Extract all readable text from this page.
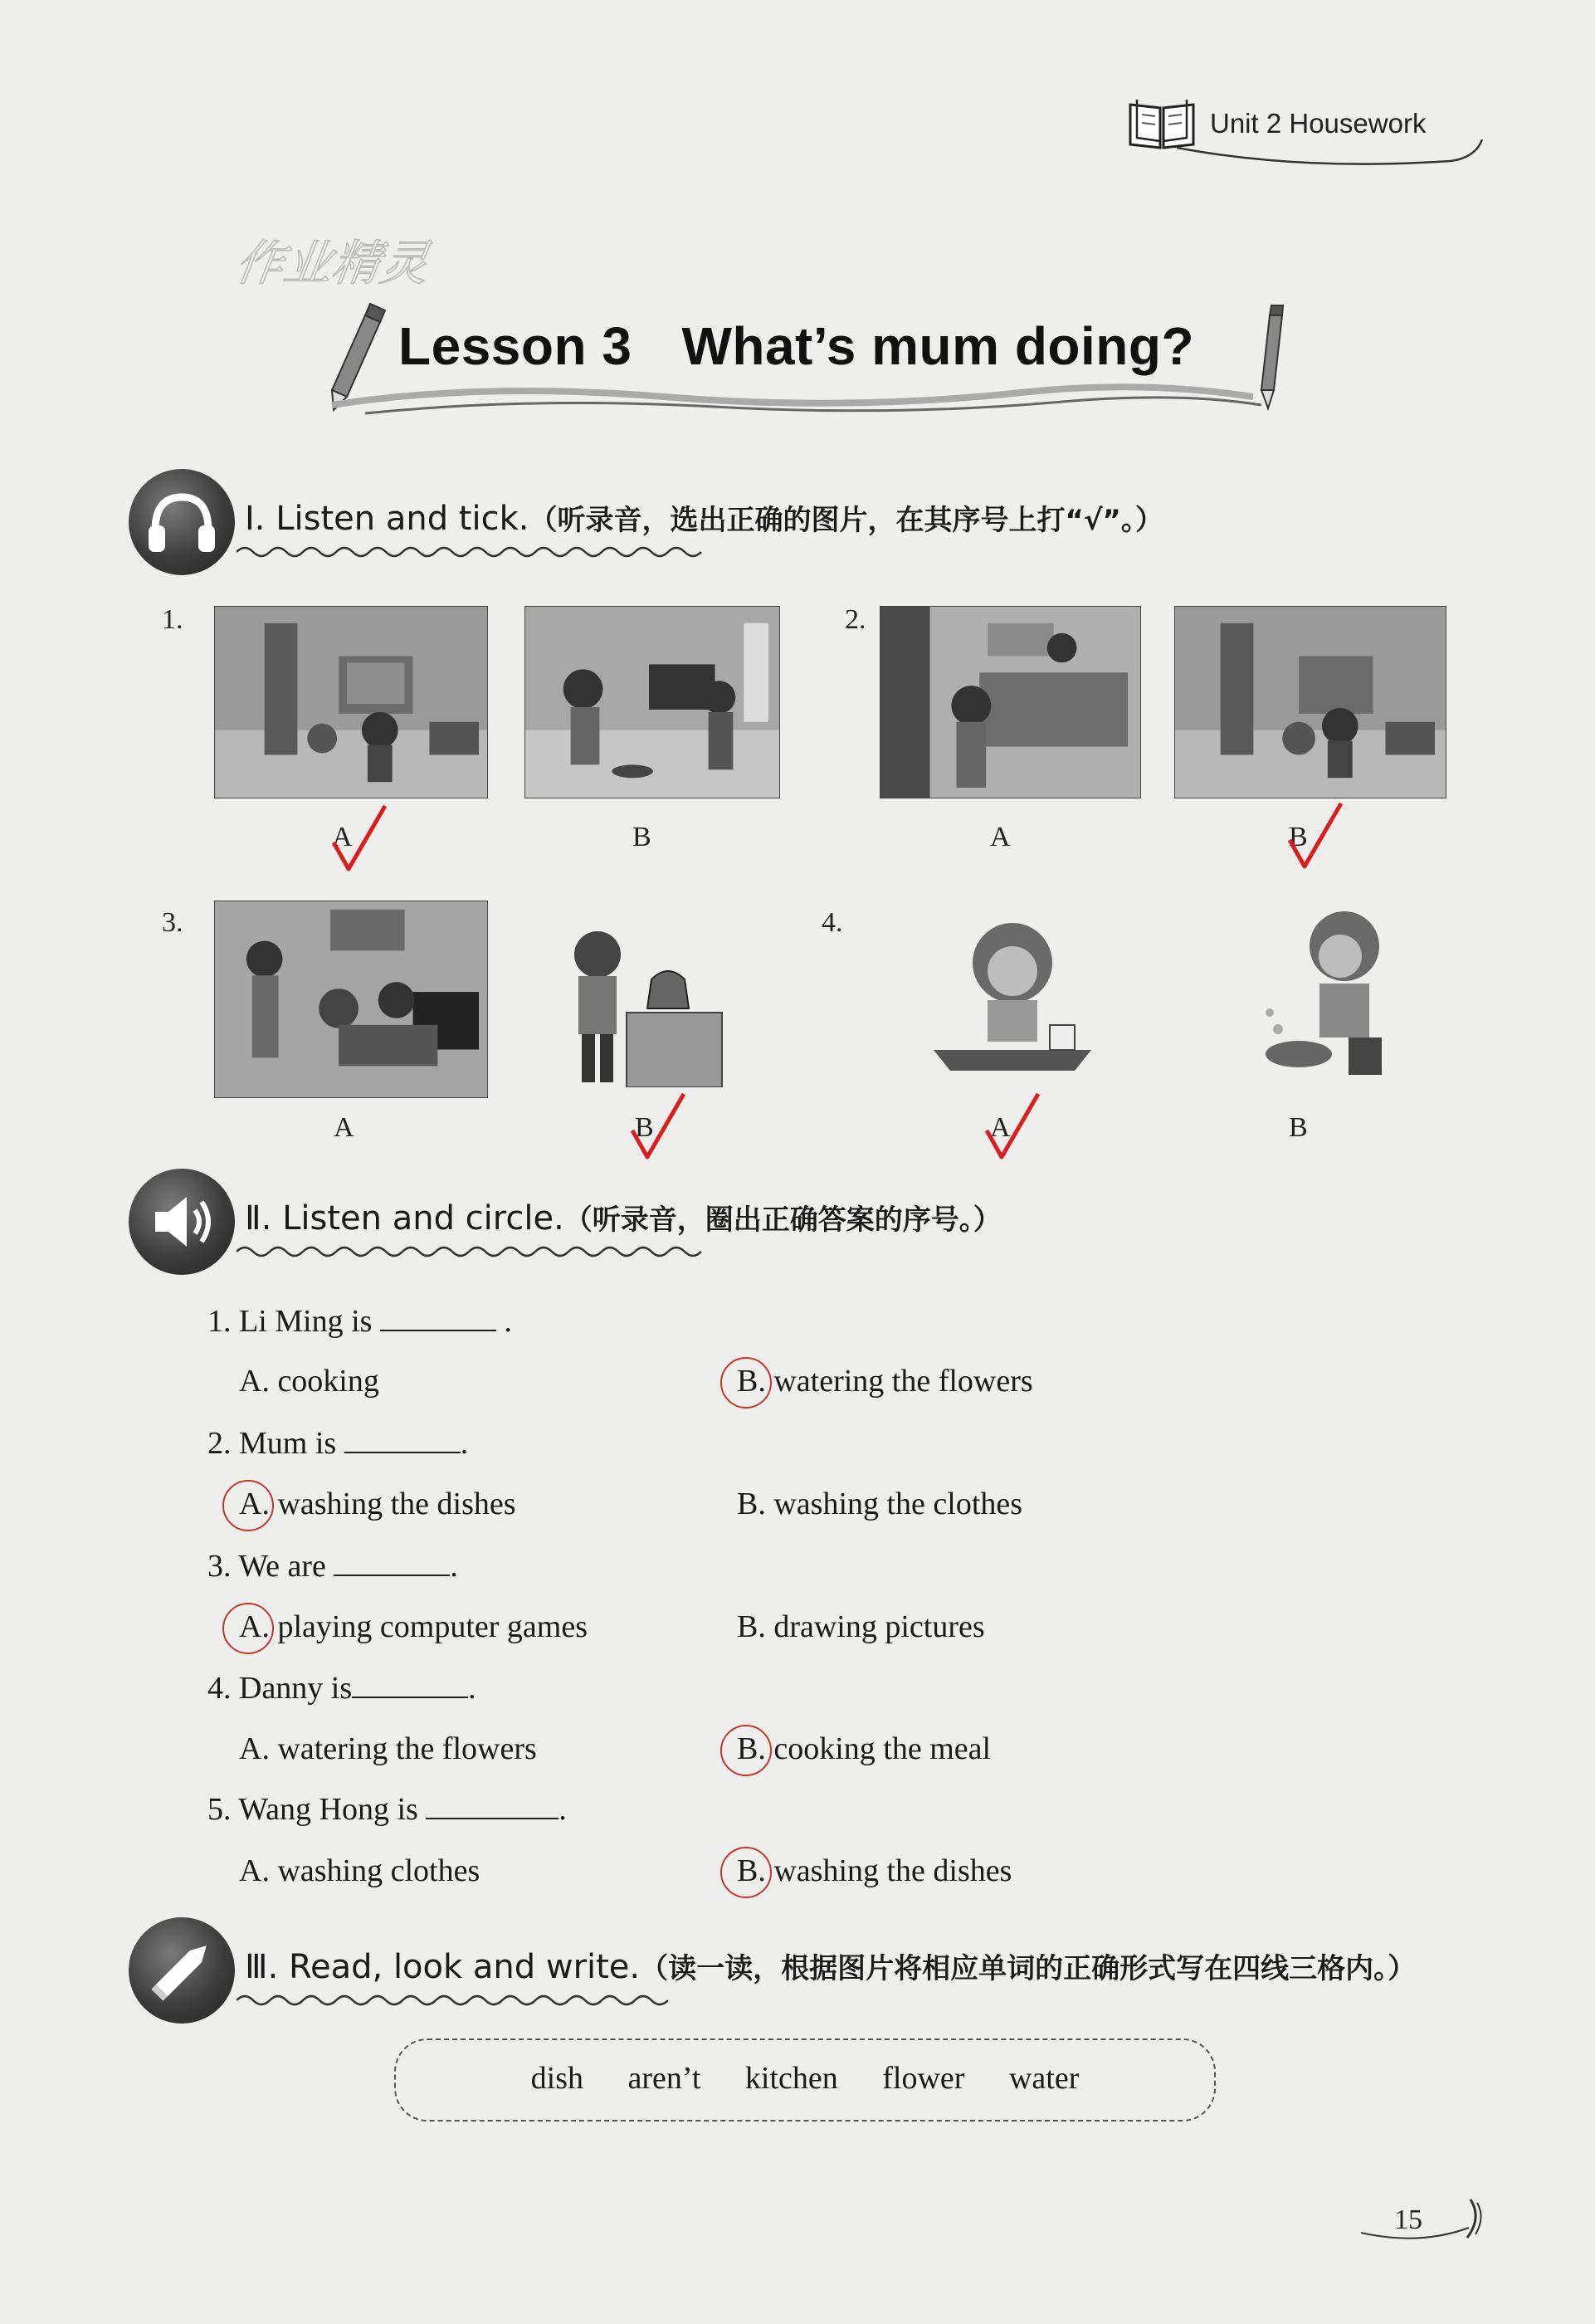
Unit 2 Housework
作业精灵
Lesson 3 What’s mum doing?
Ⅰ. Listen and tick.（听录音，选出正确的图片，在其序号上打“√”。）
1.
A	B
2.
A	B
3.
A	B
4.
A	B
Ⅱ. Listen and circle.（听录音，圈出正确答案的序号。）
1. Li Ming is	.
A. cooking	B. watering the flowers
2. Mum is	.
A. washing the dishes	B. washing the clothes
3. We are	.
A. playing computer games	B. drawing pictures
4. Danny is	.
A. watering the flowers	B. cooking the meal
5. Wang Hong is	.
A. washing clothes	B. washing the dishes
Ⅲ. Read, look and write.（读一读，根据图片将相应单词的正确形式写在四线三格内。）
dish aren’t kitchen flower water
15
